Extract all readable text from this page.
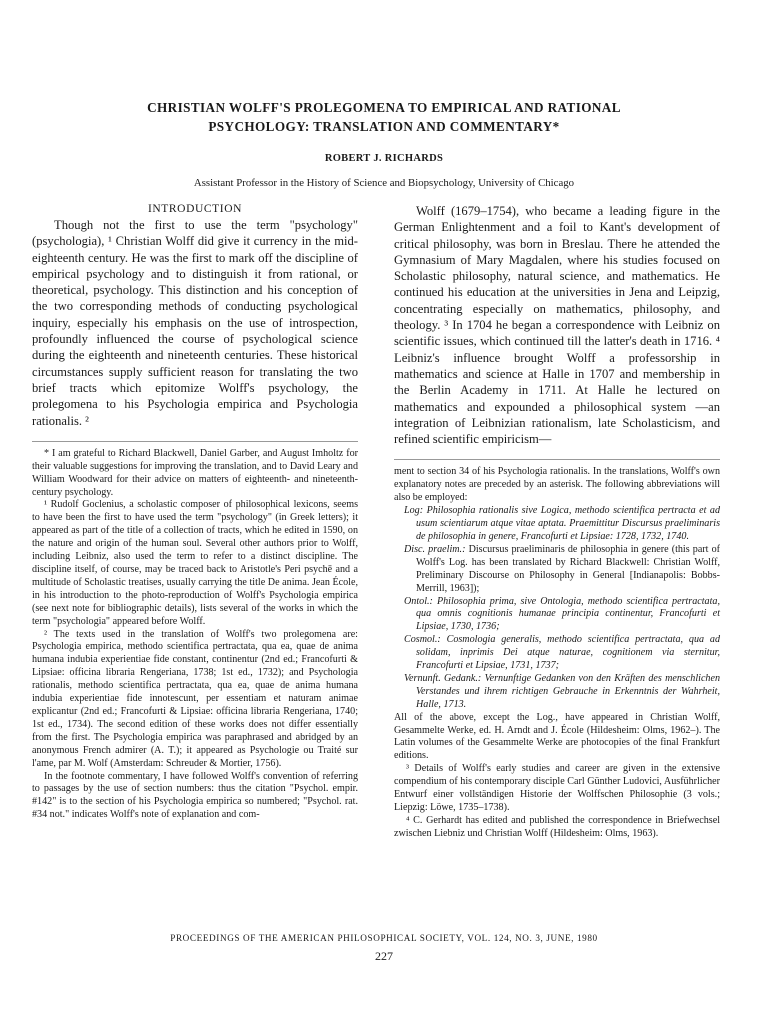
CHRISTIAN WOLFF'S PROLEGOMENA TO EMPIRICAL AND RATIONAL
PSYCHOLOGY: TRANSLATION AND COMMENTARY*
ROBERT J. RICHARDS
Assistant Professor in the History of Science and Biopsychology, University of Chicago
INTRODUCTION

Though not the first to use the term "psychology" (psychologia), ¹ Christian Wolff did give it currency in the mid-eighteenth century. He was the first to mark off the discipline of empirical psychology and to distinguish it from rational, or theoretical, psychology. This distinction and his conception of the two corresponding methods of conducting psychological inquiry, especially his emphasis on the use of introspection, profoundly influenced the course of psychological science during the eighteenth and nineteenth centuries. These historical circumstances supply sufficient reason for translating the two brief tracts which epitomize Wolff's psychology, the prolegomena to his Psychologia empirica and Psychologia rationalis. ²

* I am grateful to Richard Blackwell, Daniel Garber, and August Imholtz for their valuable suggestions for improving the translation, and to David Leary and William Woodward for their advice on matters of eighteenth- and nineteenth-century psychology.

¹ Rudolf Goclenius, a scholastic composer of philosophical lexicons, seems to have been the first to have used the term "psychology" (in Greek letters); it appeared as part of the title of a collection of tracts, which he edited in 1590, on the nature and origin of the human soul. Several other authors prior to Wolff, including Leibniz, also used the term to refer to a distinct discipline. The discipline itself, of course, may be traced back to Aristotle's Peri psychē and a multitude of Scholastic treatises, usually carrying the title De anima. Jean École, in his introduction to the photo-reproduction of Wolff's Psychologia empirica (see next note for bibliographic details), lists several of the works in which the term "psychologia" appeared before Wolff.

² The texts used in the translation of Wolff's two prolegomena are: Psychologia empirica, methodo scientifica pertractata, qua ea, quae de anima humana indubia experientiae fide constant, continentur (2nd ed.; Francofurti & Lipsiae: officina libraria Rengeriana, 1738; 1st ed., 1732); and Psychologia rationalis, methodo scientifica pertractata, qua ea, quae de anima humana indubia experientiae fide innotescunt, per essentiam et naturam animae explicantur (2nd ed.; Francofurti & Lipsiae: officina libraria Rengeriana, 1740; 1st ed., 1734). The second edition of these works does not differ essentially from the first. The Psychologia empirica was paraphrased and abridged by an anonymous French admirer (A. T.); it appeared as Psychologie ou Traité sur l'ame, par M. Wolf (Amsterdam: Schreuder & Mortier, 1756).

In the footnote commentary, I have followed Wolff's convention of referring to passages by the use of section numbers: thus the citation "Psychol. empir. #142" is to the section of his Psychologia empirica so numbered; "Psychol. rat. #34 not." indicates Wolff's note of explanation and com-

Wolff (1679–1754), who became a leading figure in the German Enlightenment and a foil to Kant's development of critical philosophy, was born in Breslau. There he attended the Gymnasium of Mary Magdalen, where his studies focused on Scholastic philosophy, natural science, and mathematics. He continued his education at the universities in Jena and Leipzig, concentrating especially on mathematics, philosophy, and theology. ³ In 1704 he began a correspondence with Leibniz on scientific issues, which continued till the latter's death in 1716. ⁴ Leibniz's influence brought Wolff a professorship in mathematics and science at Halle in 1707 and membership in the Berlin Academy in 1711. At Halle he lectured on mathematics and expounded a philosophical system —an integration of Leibnizian rationalism, late Scholasticism, and refined scientific empiricism—

ment to section 34 of his Psychologia rationalis. In the translations, Wolff's own explanatory notes are preceded by an asterisk. The following abbreviations will also be employed:

Log: Philosophia rationalis sive Logica, methodo scientifica pertracta et ad usum scientiarum atque vitae aptata. Praemittitur Discursus praeliminaris de philosophia in genere, Francofurti et Lipsiae: 1728, 1732, 1740.

Disc. praelim.: Discursus praeliminaris de philosophia in genere (this part of Wolff's Log. has been translated by Richard Blackwell: Christian Wolff, Preliminary Discourse on Philosophy in General [Indianapolis: Bobbs-Merrill, 1963]);

Ontol.: Philosophia prima, sive Ontologia, methodo scientifica pertractata, qua omnis cognitionis humanae principia continentur, Francofurti et Lipsiae, 1730, 1736;

Cosmol.: Cosmologia generalis, methodo scientifica pertractata, qua ad solidam, inprimis Dei atque naturae, cognitionem via sternitur, Francofurti et Lipsiae, 1731, 1737;

Vernunft. Gedank.: Vernunftige Gedanken von den Kräften des menschlichen Verstandes und ihrem richtigen Gebrauche in Erkenntnis der Wahrheit, Halle, 1713.

All of the above, except the Log., have appeared in Christian Wolff, Gesammelte Werke, ed. H. Arndt and J. École (Hildesheim: Olms, 1962–). The Latin volumes of the Gesammelte Werke are photocopies of the final Frankfurt editions.

³ Details of Wolff's early studies and career are given in the extensive compendium of his contemporary disciple Carl Günther Ludovici, Ausführlicher Entwurf einer vollständigen Historie der Wolffschen Philosophie (3 vols.; Liepzig: Löwe, 1735–1738).

⁴ C. Gerhardt has edited and published the correspondence in Briefwechsel zwischen Liebniz und Christian Wolff (Hildesheim: Olms, 1963).

PROCEEDINGS OF THE AMERICAN PHILOSOPHICAL SOCIETY, VOL. 124, NO. 3, JUNE, 1980
227
